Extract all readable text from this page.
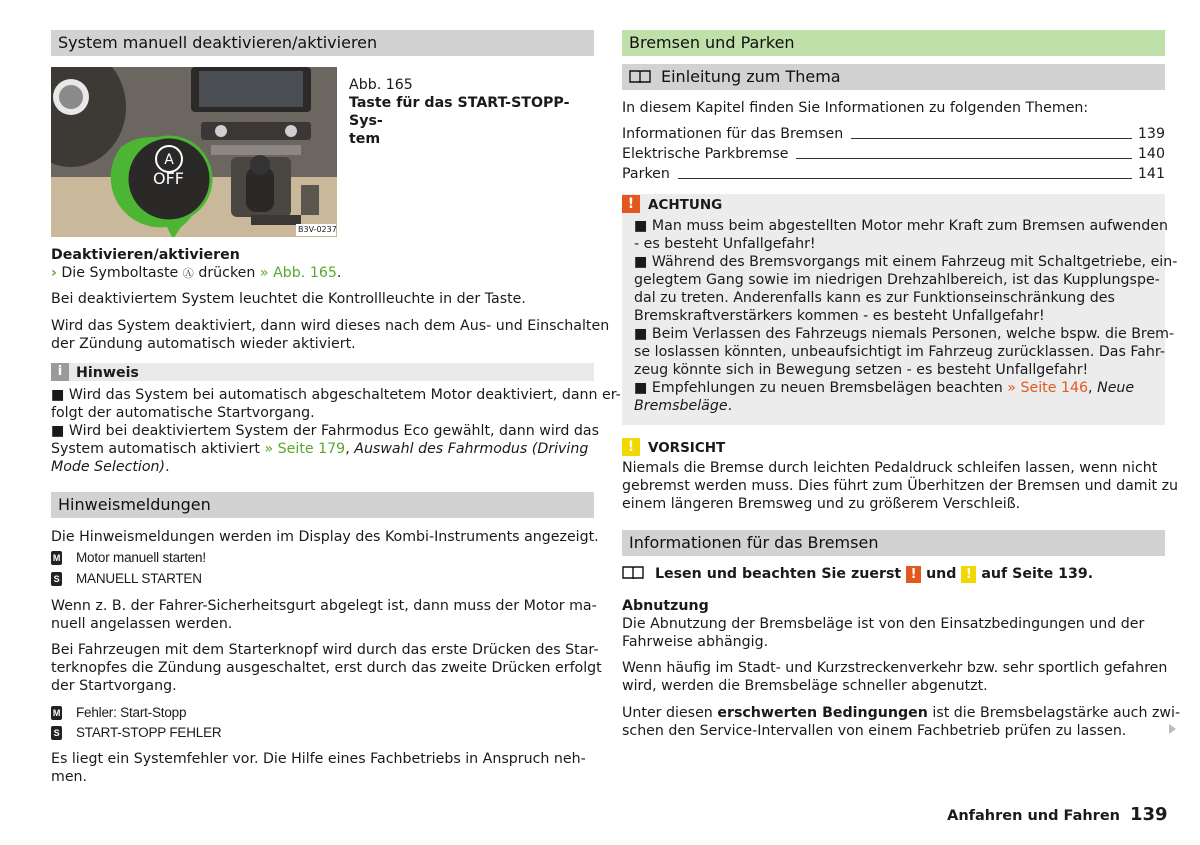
System manuell deaktivieren/aktivieren
A
OFF
B3V-0237
Abb. 165
Taste für das START-STOPP-Sys-
tem
Deaktivieren/aktivieren
› Die Symboltaste Ⓐ drücken » Abb. 165.
Bei deaktiviertem System leuchtet die Kontrollleuchte in der Taste.
Wird das System deaktiviert, dann wird dieses nach dem Aus- und Einschalten
der Zündung automatisch wieder aktiviert.
i Hinweis
■ Wird das System bei automatisch abgeschaltetem Motor deaktiviert, dann er-
folgt der automatische Startvorgang.
■ Wird bei deaktiviertem System der Fahrmodus Eco gewählt, dann wird das
System automatisch aktiviert » Seite 179, Auswahl des Fahrmodus (Driving
Mode Selection).
Hinweismeldungen
Die Hinweismeldungen werden im Display des Kombi-Instruments angezeigt.
M Motor manuell starten!
S MANUELL STARTEN
Wenn z. B. der Fahrer-Sicherheitsgurt abgelegt ist, dann muss der Motor ma-
nuell angelassen werden.
Bei Fahrzeugen mit dem Starterknopf wird durch das erste Drücken des Star-
terknopfes die Zündung ausgeschaltet, erst durch das zweite Drücken erfolgt
der Startvorgang.
M Fehler: Start-Stopp
S START-STOPP FEHLER
Es liegt ein Systemfehler vor. Die Hilfe eines Fachbetriebs in Anspruch neh-
men.
Bremsen und Parken
Einleitung zum Thema
In diesem Kapitel finden Sie Informationen zu folgenden Themen:
Informationen für das Bremsen	139
Elektrische Parkbremse	140
Parken	141
!	ACHTUNG
■ Man muss beim abgestellten Motor mehr Kraft zum Bremsen aufwenden
- es besteht Unfallgefahr!
■ Während des Bremsvorgangs mit einem Fahrzeug mit Schaltgetriebe, ein-
gelegtem Gang sowie im niedrigen Drehzahlbereich, ist das Kupplungspe-
dal zu treten. Anderenfalls kann es zur Funktionseinschränkung des
Bremskraftverstärkers kommen - es besteht Unfallgefahr!
■ Beim Verlassen des Fahrzeugs niemals Personen, welche bspw. die Brem-
se loslassen könnten, unbeaufsichtigt im Fahrzeug zurücklassen. Das Fahr-
zeug könnte sich in Bewegung setzen - es besteht Unfallgefahr!
■ Empfehlungen zu neuen Bremsbelägen beachten » Seite 146, Neue
Bremsbeläge.
!	VORSICHT
Niemals die Bremse durch leichten Pedaldruck schleifen lassen, wenn nicht
gebremst werden muss. Dies führt zum Überhitzen der Bremsen und damit zu
einem längeren Bremsweg und zu größerem Verschleiß.
Informationen für das Bremsen
Lesen und beachten Sie zuerst ! und ! auf Seite 139.
Abnutzung
Die Abnutzung der Bremsbeläge ist von den Einsatzbedingungen und der
Fahrweise abhängig.
Wenn häufig im Stadt- und Kurzstreckenverkehr bzw. sehr sportlich gefahren
wird, werden die Bremsbeläge schneller abgenutzt.
Unter diesen erschwerten Bedingungen ist die Bremsbelagstärke auch zwi-
schen den Service-Intervallen von einem Fachbetrieb prüfen zu lassen.
Anfahren und Fahren 139
